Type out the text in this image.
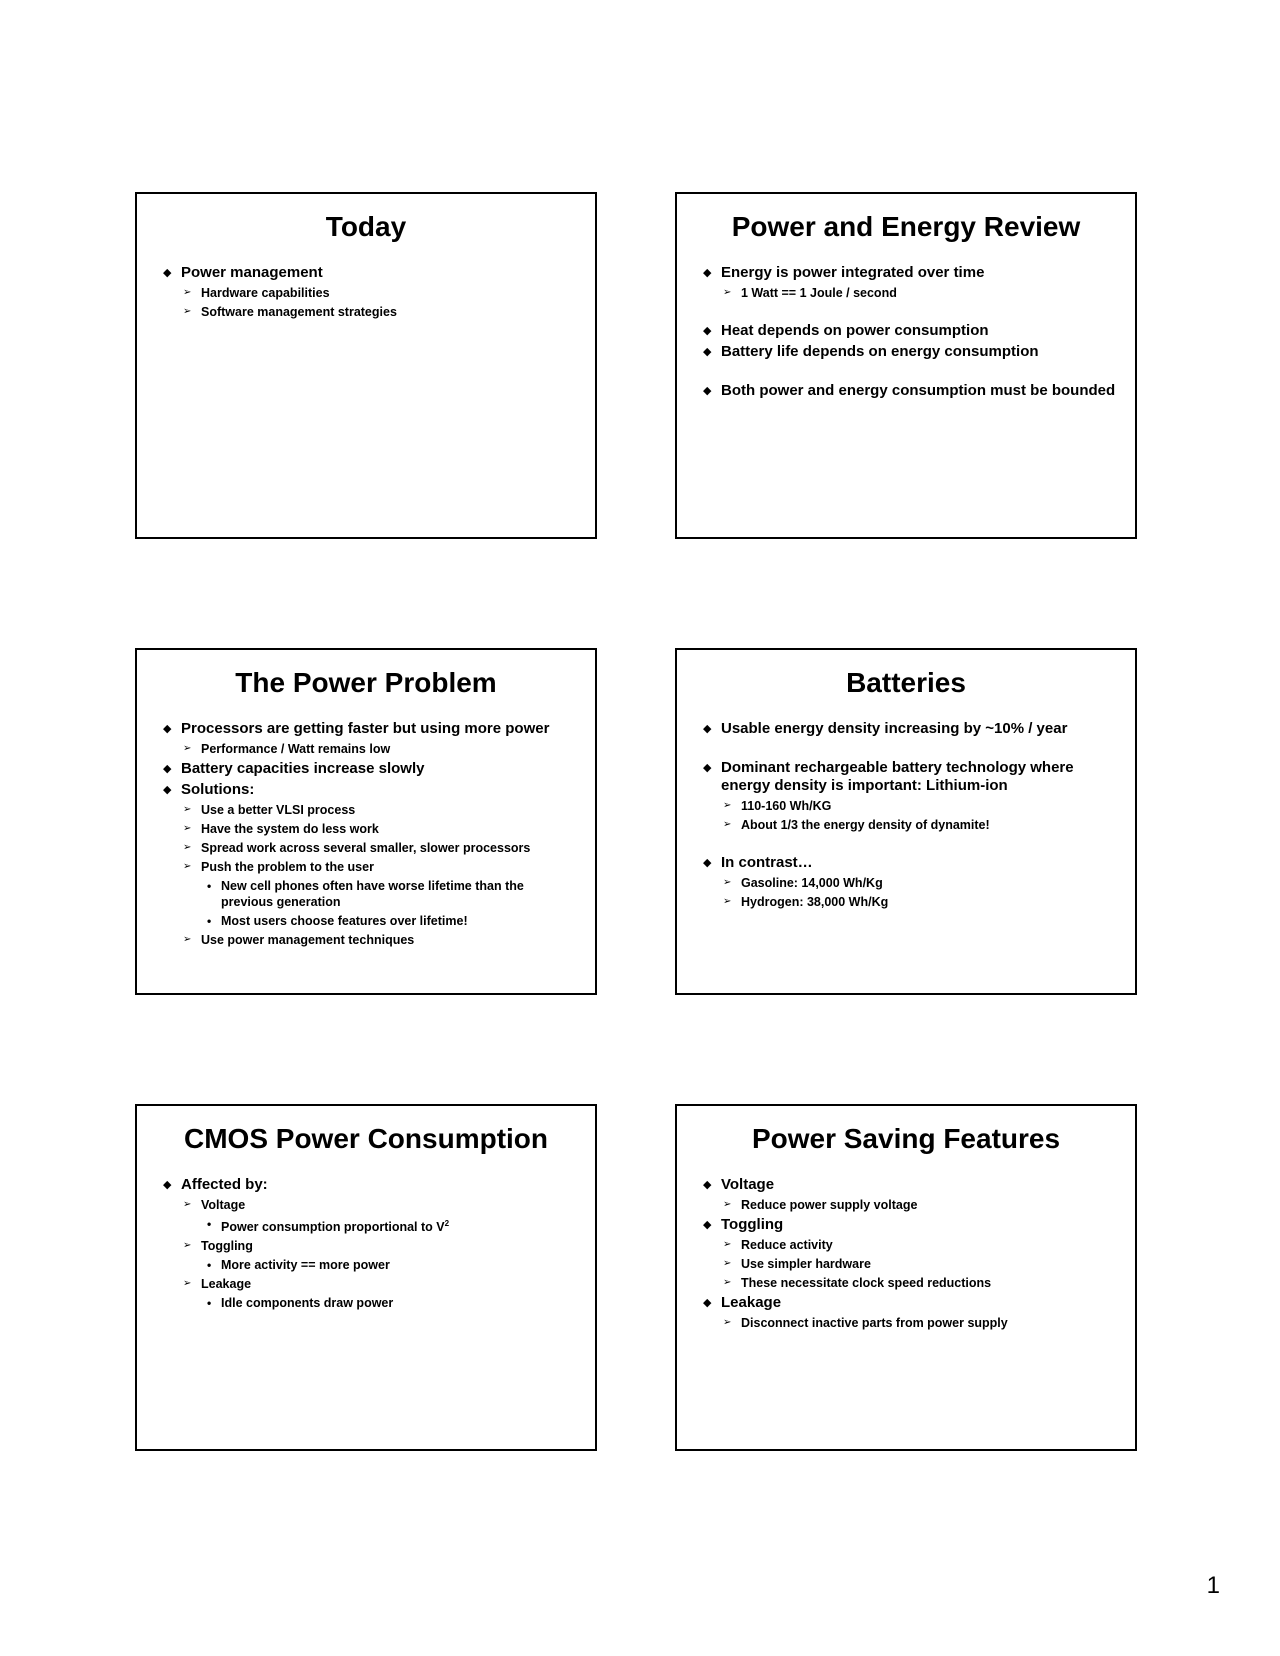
Today
◆ Power management
➢ Hardware capabilities
➢ Software management strategies
Power and Energy Review
◆ Energy is power integrated over time
➢ 1 Watt == 1 Joule / second
◆ Heat depends on power consumption
◆ Battery life depends on energy consumption
◆ Both power and energy consumption must be bounded
The Power Problem
◆ Processors are getting faster but using more power
➢ Performance / Watt remains low
◆ Battery capacities increase slowly
◆ Solutions:
➢ Use a better VLSI process
➢ Have the system do less work
➢ Spread work across several smaller, slower processors
➢ Push the problem to the user
• New cell phones often have worse lifetime than the previous generation
• Most users choose features over lifetime!
➢ Use power management techniques
Batteries
◆ Usable energy density increasing by ~10% / year
◆ Dominant rechargeable battery technology where energy density is important: Lithium-ion
➢ 110-160 Wh/KG
➢ About 1/3 the energy density of dynamite!
◆ In contrast…
➢ Gasoline: 14,000 Wh/Kg
➢ Hydrogen: 38,000 Wh/Kg
CMOS Power Consumption
◆ Affected by:
➢ Voltage
• Power consumption proportional to $V^2$
➢ Toggling
• More activity == more power
➢ Leakage
• Idle components draw power
Power Saving Features
◆ Voltage
➢ Reduce power supply voltage
◆ Toggling
➢ Reduce activity
➢ Use simpler hardware
➢ These necessitate clock speed reductions
◆ Leakage
➢ Disconnect inactive parts from power supply
1
